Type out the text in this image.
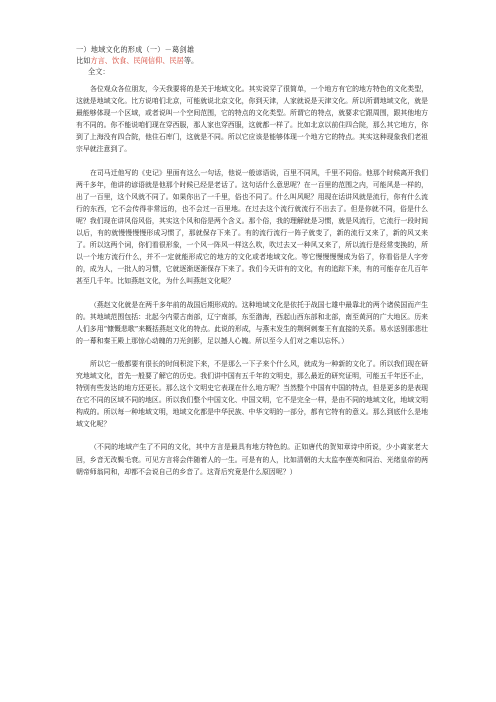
一）地域文化的形成（一）－葛剑雄
比如方言、饮食、民间信仰、民居等。
全文：

各位观众各位朋友，今天我要将的是关于地域文化。其实说穿了很简单，一个地方有它的地方特色的文化类型，这就是地域文化。比方说咱们北京，可能就说北京文化，你到天津，人家就说是天津文化。所以所谓地域文化，就是最能够体现一个区域，或者说叫一个空间范围，它的特点的文化类型。所谓它的特点，就要求它跟周围，跟其他地方有不同的。你不能说咱们现在穿西服，那人家也穿西服，这就都一样了。比如北京以前住四合院，那么其它地方，你到了上海没有四合院，他住石库门，这就是不同。所以它应该是能够体现一个地方它的特点。其实这种现象我们老祖宗早就注意到了。

在司马迁他写的《史记》里面有这么一句话，他说一般谚语说，百里不同风，千里不同俗。他那个时候离开我们两千多年，他讲的谚语就是他那个时候已经是老话了。这句话什么意思呢？在一百里的范围之内，可能风是一样的，出了一百里，这个风就不同了。如果你出了一千里，俗也不同了。什么叫风呢？用现在话讲风就是流行，你有什么流行的东西，它不会传得非常远的，也不会过一百里地。在过去这个流行就流行不出去了。但是你就不同，俗是什么呢？我们现在讲风俗风俗，其实这个风和俗是两个含义。那个俗，我的理解就是习惯，就是风流行，它流行一段时间以后，有的就慢慢慢慢形成习惯了，那就保存下来了。有的流行流行一阵子就变了，新的流行又来了，新的风又来了。所以这两个词，你们看很形象，一个风一阵风一样这么吹，吹过去又一种风又来了，所以流行是经常变换的，所以一个地方流行什么，并不一定就能形成它的地方的文化或者地域文化。等它慢慢慢慢成为俗了，你看俗是人字旁的，成为人，一批人的习惯，它就逐渐逐渐保存下来了。我们今天讲有的文化，有的追踪下来，有的可能存在几百年甚至几千年。比如燕赵文化，为什么叫燕赵文化呢？

（燕赵文化就是在两千多年前的战国后期形成的。这种地域文化是依托于战国七雄中最靠北的两个诸侯国而产生的。其地域范围包括：北起今内蒙古南部，辽宁南部，东至渤海，西起山西东部和北部，南至黄河的广大地区。历来人们多用“慷慨悲歌”来概括燕赵文化的特点。此说的形成，与燕末发生的荆轲刺秦王有直接的关系。易水送别那悲壮的一幕和秦王殿上那惊心动魄的刀光剑影，足以撼人心魄。所以至今人们对之难以忘怀。）

所以它一般都要有很长的时间积淀下来，不是那么一下子来个什么风，就成为一种新的文化了。所以我们现在研究地域文化，首先一般要了解它的历史。我们讲中国有五千年的文明史，那么最近的研究证明，可能五千年还不止，特别有些发达的地方还更长。那么这个文明史它表现在什么地方呢？当然整个中国有中国的特点，但是更多的是表现在它不同的区域不同的地区。所以我们整个中国文化、中国文明，它不是完全一样，是由不同的地域文化，地域文明构成的。所以每一种地域文明，地域文化都是中华民族、中华文明的一部分，都有它特有的意义。那么到底什么是地域文化呢？

（不同的地域产生了不同的文化，其中方言是最具有地方特色的。正如唐代的贺知章诗中所说，少小离家老大回，乡音无改鬓毛衰。可见方言将会伴随着人的一生。可是有的人，比如清朝的大太监李莲英和同治、光绪皇帝的两朝帝师翁同和，却都不会说自己的乡音了。这背后究竟是什么原因呢？）
